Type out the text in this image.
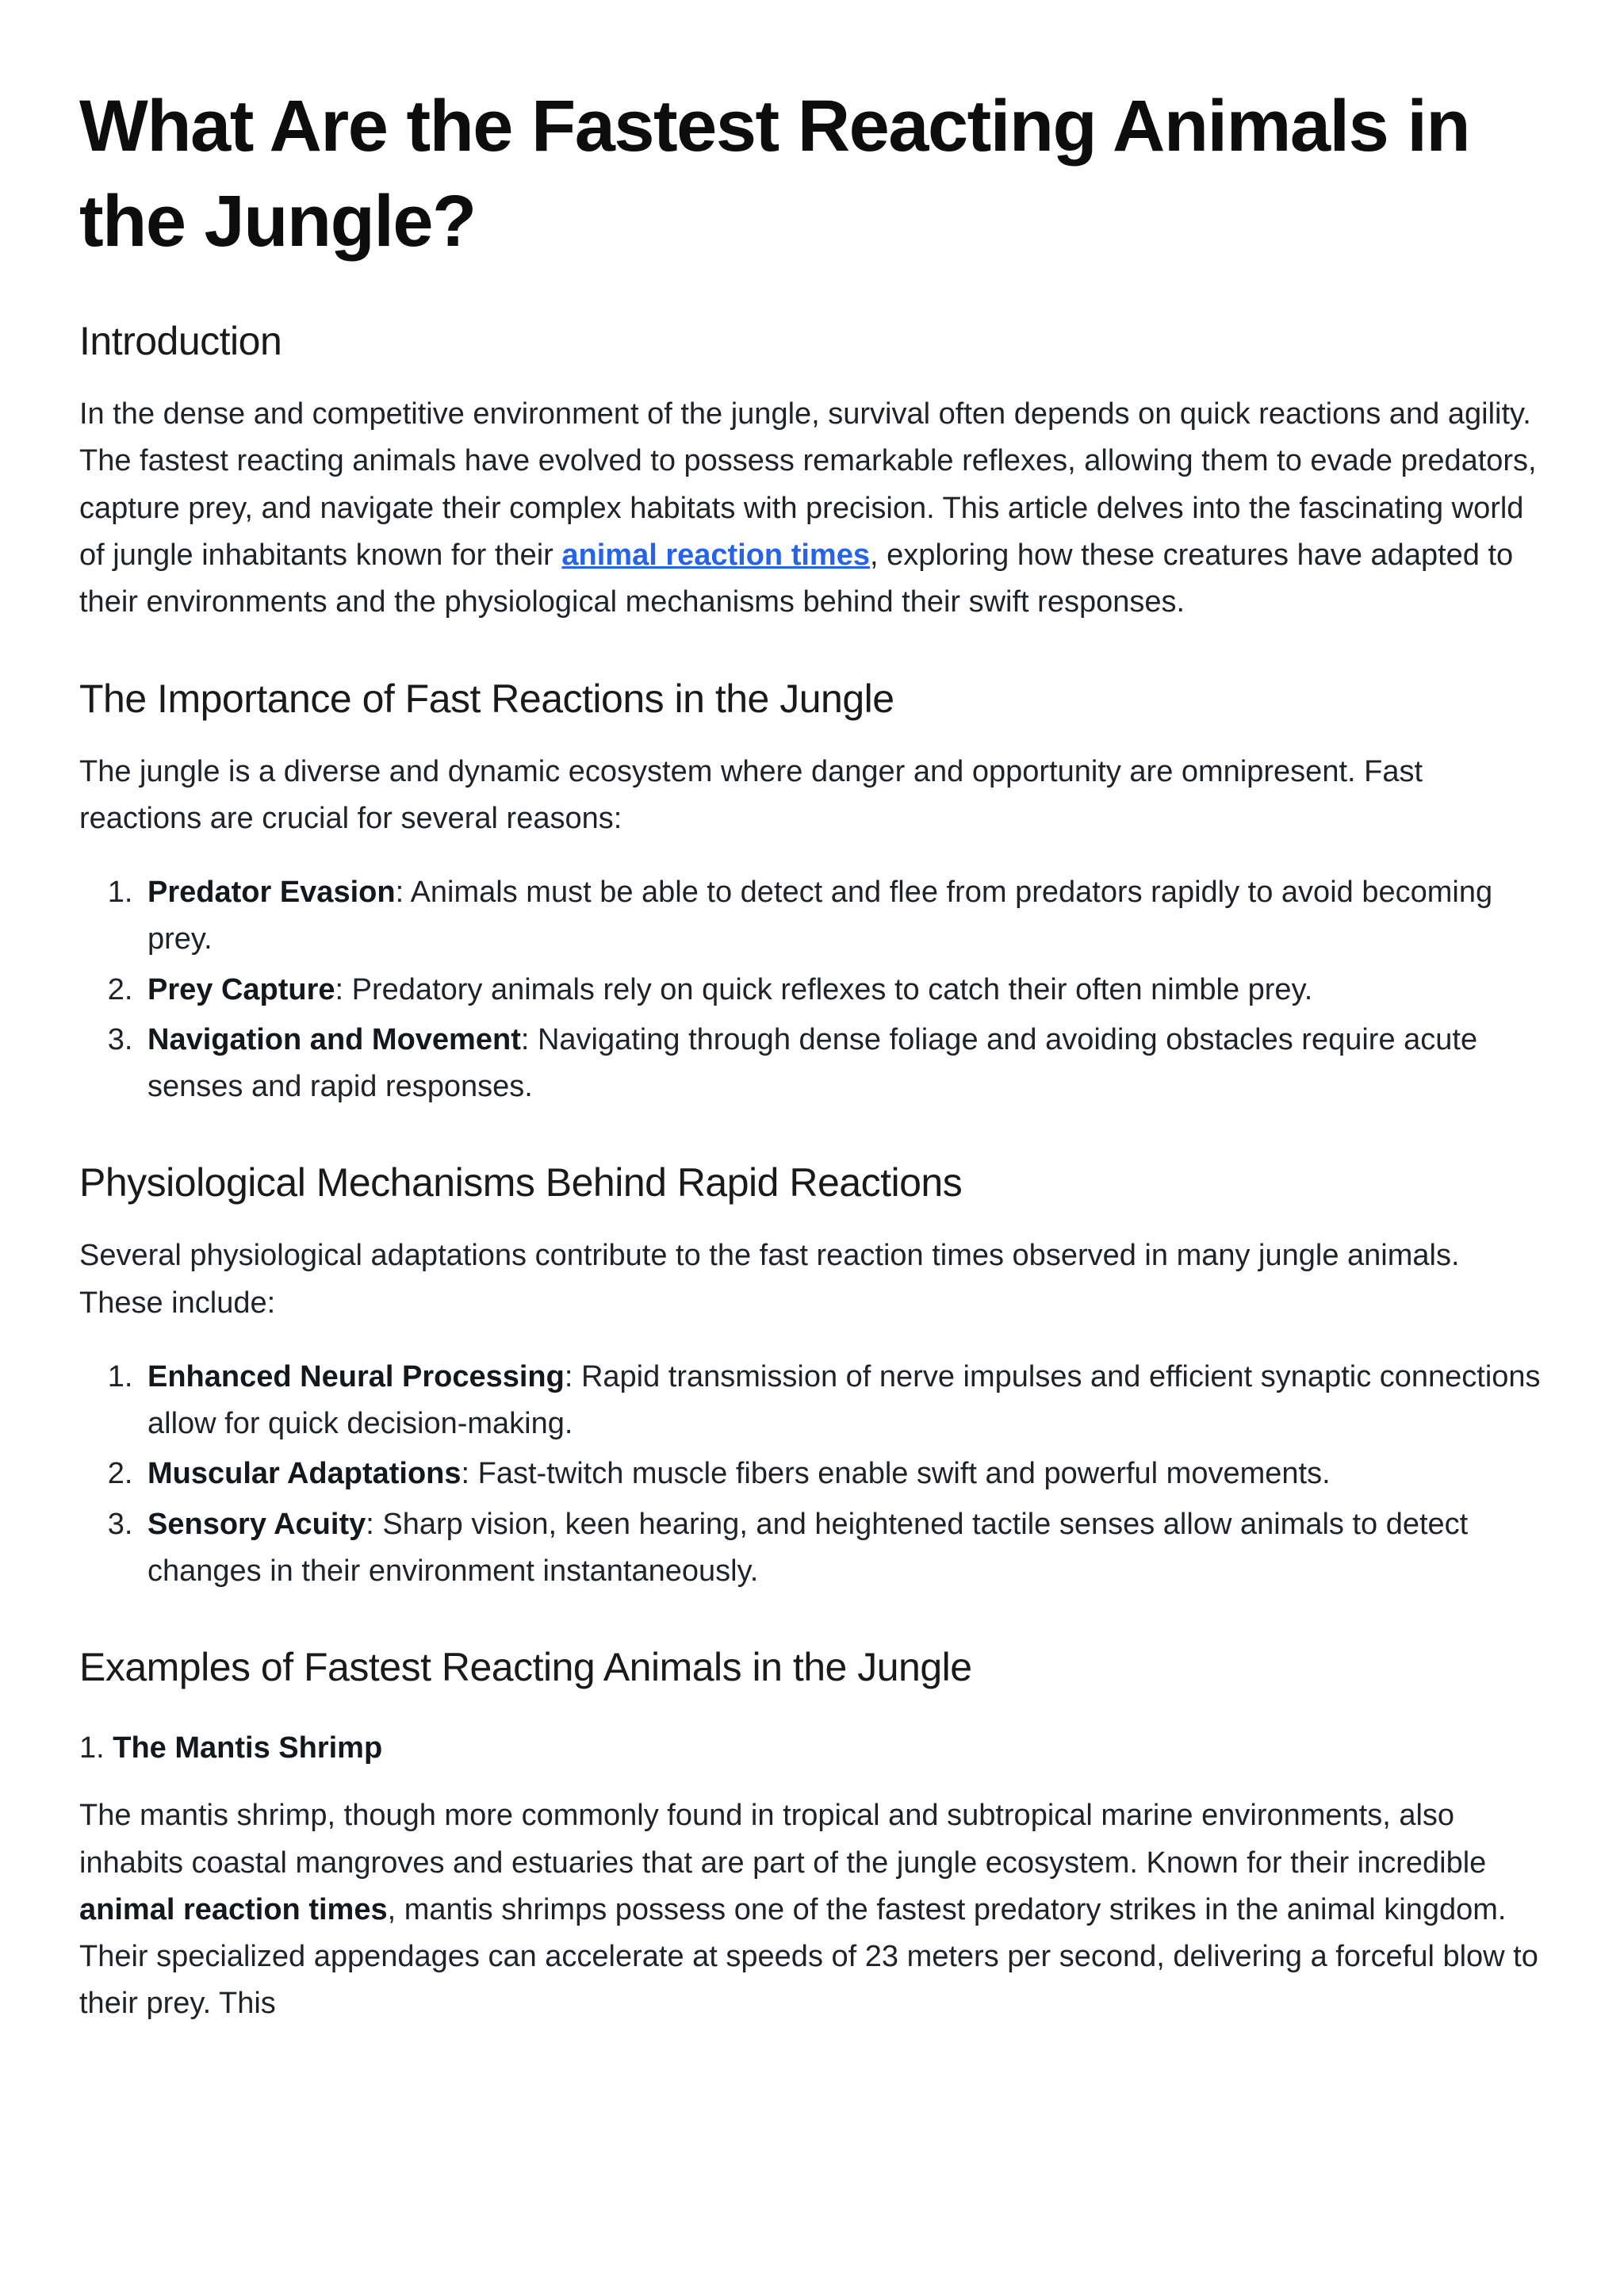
What Are the Fastest Reacting Animals in the Jungle?
Introduction

In the dense and competitive environment of the jungle, survival often depends on quick reactions and agility. The fastest reacting animals have evolved to possess remarkable reflexes, allowing them to evade predators, capture prey, and navigate their complex habitats with precision. This article delves into the fascinating world of jungle inhabitants known for their animal reaction times, exploring how these creatures have adapted to their environments and the physiological mechanisms behind their swift responses.

The Importance of Fast Reactions in the Jungle

The jungle is a diverse and dynamic ecosystem where danger and opportunity are omnipresent. Fast reactions are crucial for several reasons:

1. Predator Evasion: Animals must be able to detect and flee from predators rapidly to avoid becoming prey.
2. Prey Capture: Predatory animals rely on quick reflexes to catch their often nimble prey.
3. Navigation and Movement: Navigating through dense foliage and avoiding obstacles require acute senses and rapid responses.
Physiological Mechanisms Behind Rapid Reactions

Several physiological adaptations contribute to the fast reaction times observed in many jungle animals. These include:

1. Enhanced Neural Processing: Rapid transmission of nerve impulses and efficient synaptic connections allow for quick decision-making.
2. Muscular Adaptations: Fast-twitch muscle fibers enable swift and powerful movements.
3. Sensory Acuity: Sharp vision, keen hearing, and heightened tactile senses allow animals to detect changes in their environment instantaneously.
Examples of Fastest Reacting Animals in the Jungle
1. The Mantis Shrimp

The mantis shrimp, though more commonly found in tropical and subtropical marine environments, also inhabits coastal mangroves and estuaries that are part of the jungle ecosystem. Known for their incredible animal reaction times, mantis shrimps possess one of the fastest predatory strikes in the animal kingdom. Their specialized appendages can accelerate at speeds of 23 meters per second, delivering a forceful blow to their prey. This
